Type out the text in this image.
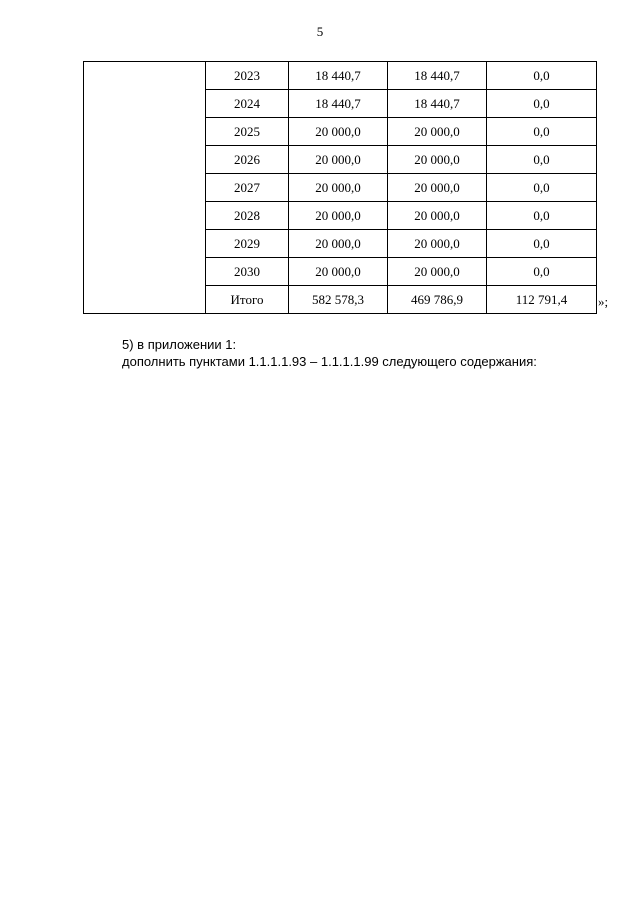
5
	2023	18 440,7	18 440,7	0,0
	2024	18 440,7	18 440,7	0,0
	2025	20 000,0	20 000,0	0,0
	2026	20 000,0	20 000,0	0,0
	2027	20 000,0	20 000,0	0,0
	2028	20 000,0	20 000,0	0,0
	2029	20 000,0	20 000,0	0,0
	2030	20 000,0	20 000,0	0,0
	Итого	582 578,3	469 786,9	112 791,4 »;
5) в приложении 1:
дополнить пунктами 1.1.1.1.93 – 1.1.1.1.99 следующего содержания:
